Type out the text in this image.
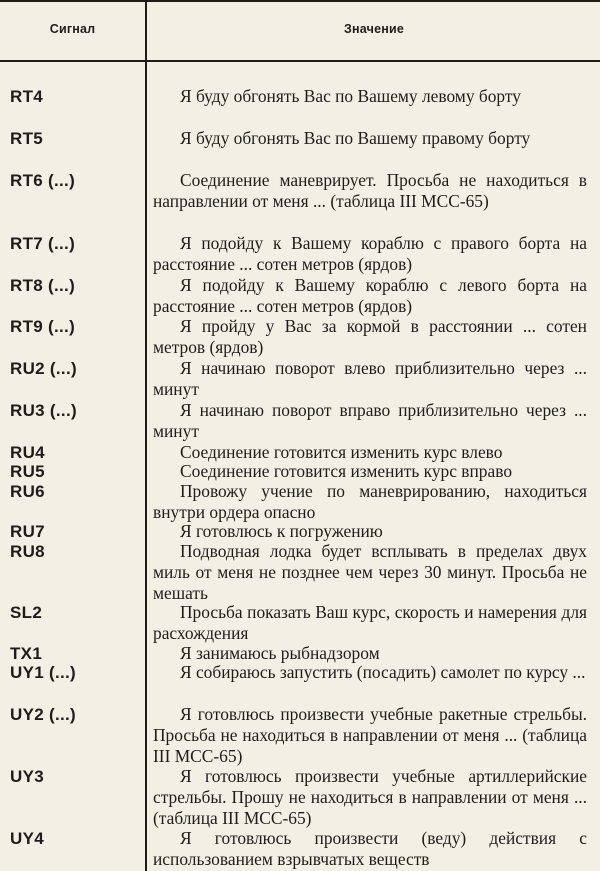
Сигнал	Значение
RT4	Я буду обгонять Вас по Вашему левому борту
RT5	Я буду обгонять Вас по Вашему правому борту
RT6 (...)	Соединение маневрирует. Просьба не находиться в направлении от меня ... (таблица III МСС-65)
RT7 (...)	Я подойду к Вашему кораблю с правого борта на расстояние ... сотен метров (ярдов)
RT8 (...)	Я подойду к Вашему кораблю с левого борта на расстояние ... сотен метров (ярдов)
RT9 (...)	Я пройду у Вас за кормой в расстоянии ... сотен метров (ярдов)
RU2 (...)	Я начинаю поворот влево приблизительно через ... минут
RU3 (...)	Я начинаю поворот вправо приблизительно через ... минут
RU4	Соединение готовится изменить курс влево
RU5	Соединение готовится изменить курс вправо
RU6	Провожу учение по маневрированию, находиться внутри ордера опасно
RU7	Я готовлюсь к погружению
RU8	Подводная лодка будет всплывать в пределах двух миль от меня не позднее чем через 30 минут. Просьба не мешать
SL2	Просьба показать Ваш курс, скорость и намерения для расхождения
TX1	Я занимаюсь рыбнадзором
UY1 (...)	Я собираюсь запустить (посадить) самолет по курсу ...
UY2 (...)	Я готовлюсь произвести учебные ракетные стрельбы. Просьба не находиться в направлении от меня ... (таблица III МСС-65)
UY3	Я готовлюсь произвести учебные артиллерийские стрельбы. Прошу не находиться в направлении от меня ... (таблица III МСС-65)
UY4	Я готовлюсь произвести (веду) действия с использованием взрывчатых веществ
